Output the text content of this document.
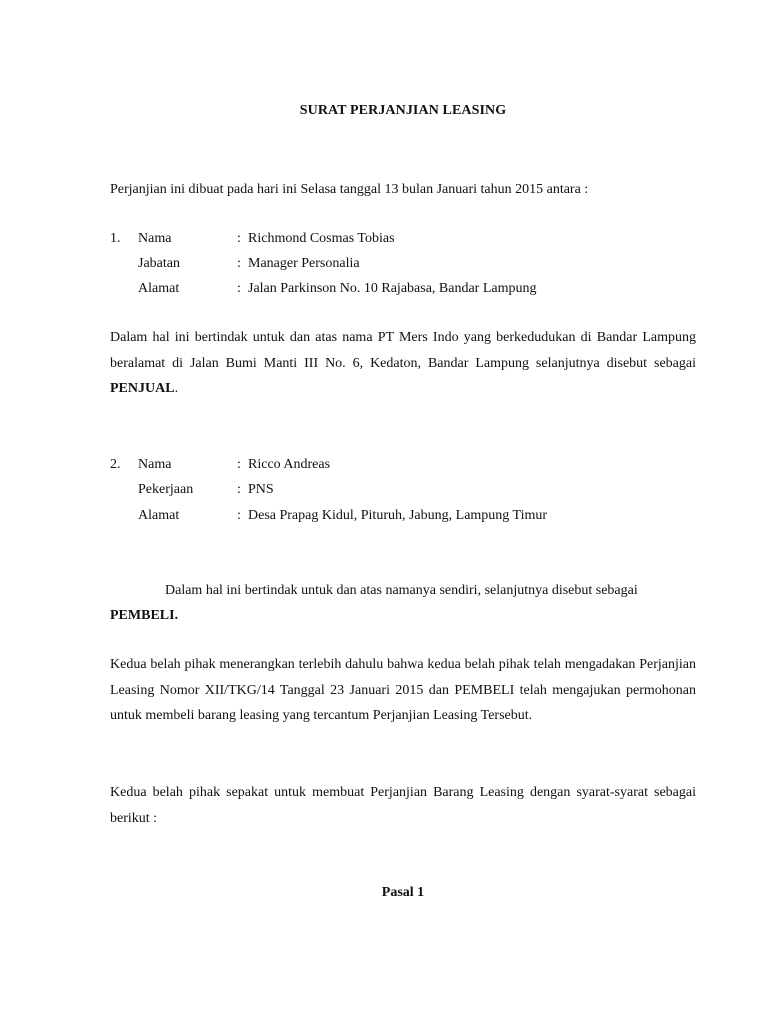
SURAT PERJANJIAN LEASING
Perjanjian ini dibuat pada hari ini Selasa tanggal 13 bulan Januari tahun 2015 antara :
1.	Nama	: Richmond Cosmas Tobias
Jabatan	: Manager Personalia
Alamat	: Jalan Parkinson No. 10 Rajabasa, Bandar Lampung
Dalam hal ini bertindak untuk dan atas nama PT Mers Indo yang berkedudukan di Bandar Lampung beralamat di Jalan Bumi Manti III No. 6, Kedaton, Bandar Lampung selanjutnya disebut sebagai PENJUAL.
2.	Nama	: Ricco Andreas
Pekerjaan	: PNS
Alamat	: Desa Prapag Kidul, Pituruh, Jabung, Lampung Timur
Dalam hal ini bertindak untuk dan atas namanya sendiri, selanjutnya disebut sebagai
PEMBELI.
Kedua belah pihak menerangkan terlebih dahulu bahwa kedua belah pihak telah mengadakan Perjanjian Leasing Nomor XII/TKG/14 Tanggal 23 Januari 2015 dan PEMBELI telah mengajukan permohonan untuk membeli barang leasing yang tercantum Perjanjian Leasing Tersebut.
Kedua belah pihak sepakat untuk membuat Perjanjian Barang Leasing dengan syarat-syarat sebagai berikut :
Pasal 1
